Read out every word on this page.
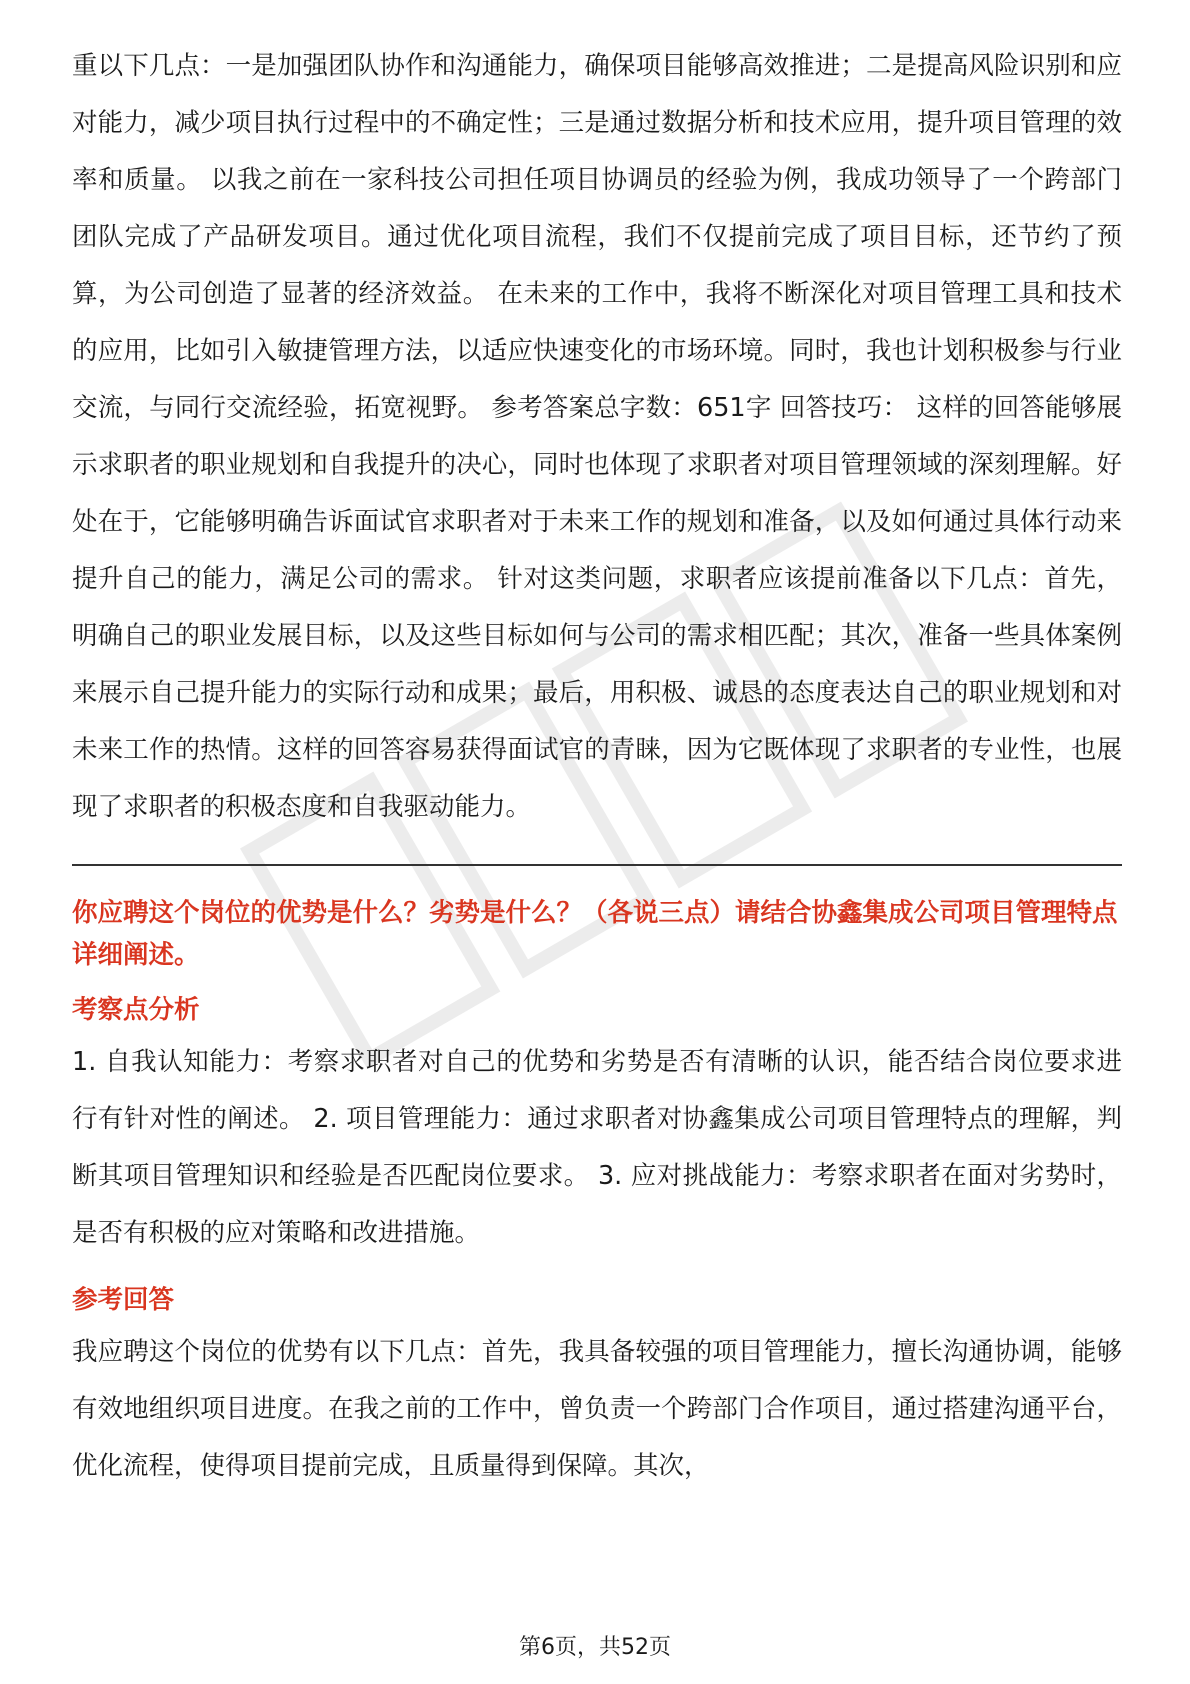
重以下几点：一是加强团队协作和沟通能力，确保项目能够高效推进；二是提高风险识别和应对能力，减少项目执行过程中的不确定性；三是通过数据分析和技术应用，提升项目管理的效率和质量。 以我之前在一家科技公司担任项目协调员的经验为例，我成功领导了一个跨部门团队完成了产品研发项目。通过优化项目流程，我们不仅提前完成了项目目标，还节约了预算，为公司创造了显著的经济效益。 在未来的工作中，我将不断深化对项目管理工具和技术的应用，比如引入敏捷管理方法，以适应快速变化的市场环境。同时，我也计划积极参与行业交流，与同行交流经验，拓宽视野。 参考答案总字数：651字 回答技巧： 这样的回答能够展示求职者的职业规划和自我提升的决心，同时也体现了求职者对项目管理领域的深刻理解。好处在于，它能够明确告诉面试官求职者对于未来工作的规划和准备，以及如何通过具体行动来提升自己的能力，满足公司的需求。 针对这类问题，求职者应该提前准备以下几点：首先，明确自己的职业发展目标，以及这些目标如何与公司的需求相匹配；其次，准备一些具体案例来展示自己提升能力的实际行动和成果；最后，用积极、诚恳的态度表达自己的职业规划和对未来工作的热情。这样的回答容易获得面试官的青睐，因为它既体现了求职者的专业性，也展现了求职者的积极态度和自我驱动能力。

你应聘这个岗位的优势是什么？劣势是什么？（各说三点）请结合协鑫集成公司项目管理特点详细阐述。

考察点分析

1. 自我认知能力：考察求职者对自己的优势和劣势是否有清晰的认识，能否结合岗位要求进行有针对性的阐述。 2. 项目管理能力：通过求职者对协鑫集成公司项目管理特点的理解，判断其项目管理知识和经验是否匹配岗位要求。 3. 应对挑战能力：考察求职者在面对劣势时，是否有积极的应对策略和改进措施。

参考回答

我应聘这个岗位的优势有以下几点：首先，我具备较强的项目管理能力，擅长沟通协调，能够有效地组织项目进度。在我之前的工作中，曾负责一个跨部门合作项目，通过搭建沟通平台，优化流程，使得项目提前完成，且质量得到保障。其次，

第6页，共52页
